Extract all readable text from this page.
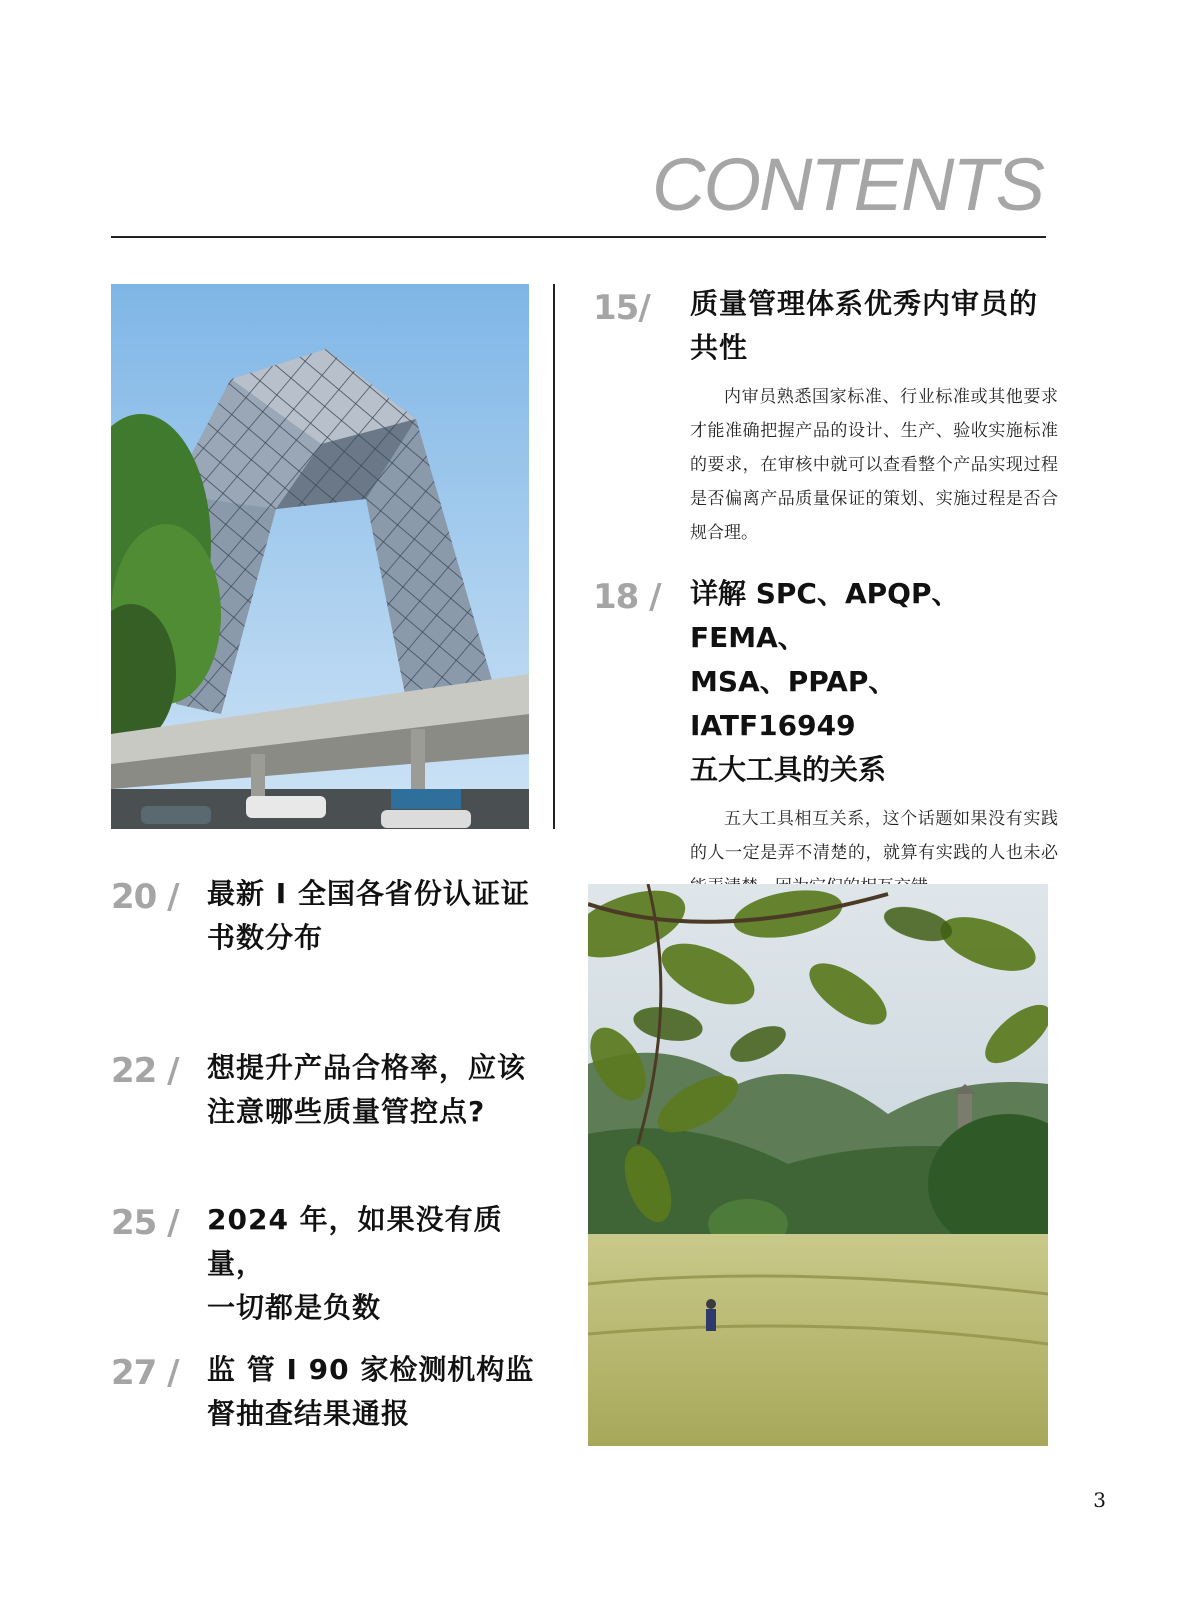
CONTENTS
15/ 质量管理体系优秀内审员的
共性

内审员熟悉国家标准、行业标准或其他要求才能准确把握产品的设计、生产、验收实施标准的要求，在审核中就可以查看整个产品实现过程是否偏离产品质量保证的策划、实施过程是否合规合理。

18 / 详解 SPC、APQP、FEMA、
MSA、PPAP、IATF16949
五大工具的关系

五大工具相互关系，这个话题如果没有实践的人一定是弄不清楚的，就算有实践的人也未必

20 / 最新 I 全国各省份认证证
书数分布

22 / 想提升产品合格率，应该
注意哪些质量管控点?

25 / 2024 年，如果没有质量，
一切都是负数

27 / 监 管 I 90 家检测机构监
督抽查结果通报

3
